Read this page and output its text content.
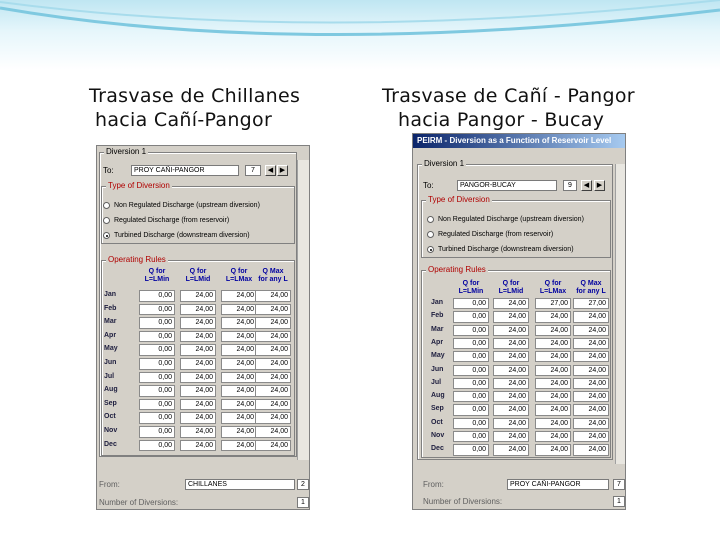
Trasvase de Chillanes
hacia Cañí-Pangor
Trasvase de Cañí - Pangor
hacia Pangor - Bucay
Diversion 1
To:	PROY CAÑI-PANGOR	7	◀ ▶
Type of Diversion
Non Regulated Discharge (upstream diversion)
Regulated Discharge (from reservoir)
Turbined Discharge (downstream diversion)
Operating Rules
Q for
L=LMin
Q for
L=LMid
Q for
L=LMax
Q Max
for any L
Jan	0,00	24,00	24,00	24,00
Feb	0,00	24,00	24,00	24,00
Mar	0,00	24,00	24,00	24,00
Apr	0,00	24,00	24,00	24,00
May	0,00	24,00	24,00	24,00
Jun	0,00	24,00	24,00	24,00
Jul	0,00	24,00	24,00	24,00
Aug	0,00	24,00	24,00	24,00
Sep	0,00	24,00	24,00	24,00
Oct	0,00	24,00	24,00	24,00
Nov	0,00	24,00	24,00	24,00
Dec	0,00	24,00	24,00	24,00
From:	CHILLANES	2
Number of Diversions:	1
PEIRM - Diversion as a Function of Reservoir Level
Diversion 1
To:	PANGOR-BUCAY	9	◀	▶
Type of Diversion
Non Regulated Discharge (upstream diversion)
Regulated Discharge (from reservoir)
Turbined Discharge (downstream diversion)
Operating Rules
Q for
L=LMin
Q for
L=LMid
Q for
L=LMax
Q Max
for any L
Jan	0,00	24,00	27,00	27,00
Feb	0,00	24,00	24,00	24,00
Mar	0,00	24,00	24,00	24,00
Apr	0,00	24,00	24,00	24,00
May	0,00	24,00	24,00	24,00
Jun	0,00	24,00	24,00	24,00
Jul	0,00	24,00	24,00	24,00
Aug	0,00	24,00	24,00	24,00
Sep	0,00	24,00	24,00	24,00
Oct	0,00	24,00	24,00	24,00
Nov	0,00	24,00	24,00	24,00
Dec	0,00	24,00	24,00	24,00
From:	PROY CAÑI-PANGOR	7
Number of Diversions:	1
